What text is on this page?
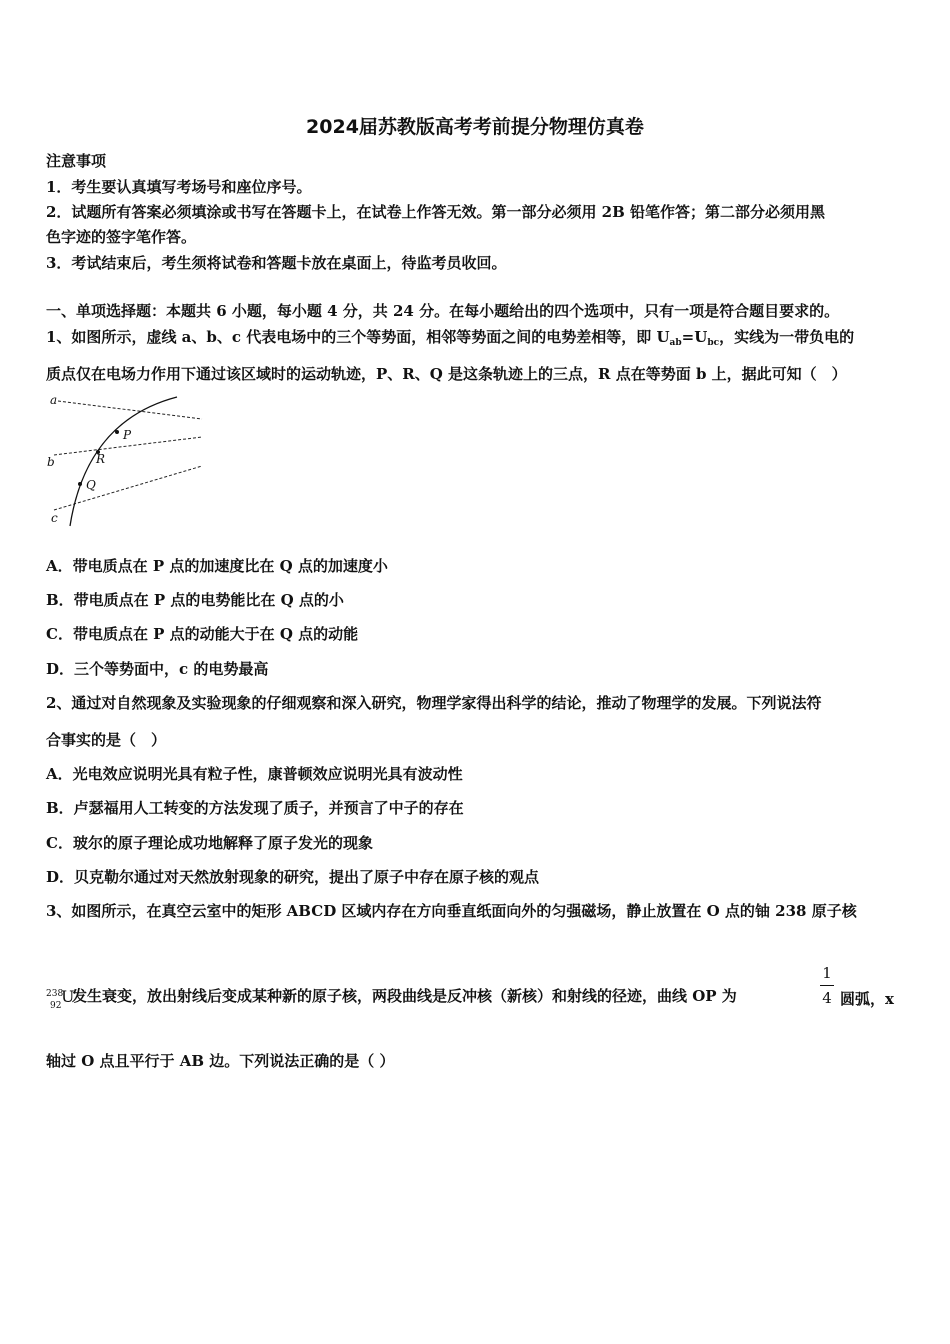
2024届苏教版高考考前提分物理仿真卷
注意事项
1．考生要认真填写考场号和座位序号。
2．试题所有答案必须填涂或书写在答题卡上，在试卷上作答无效。第一部分必须用 2B 铅笔作答；第二部分必须用黑
色字迹的签字笔作答。
3．考试结束后，考生须将试卷和答题卡放在桌面上，待监考员收回。
一、单项选择题：本题共 6 小题，每小题 4 分，共 24 分。在每小题给出的四个选项中，只有一项是符合题目要求的。
1、如图所示，虚线 a、b、c 代表电场中的三个等势面，相邻等势面之间的电势差相等，即 $U_{ab}=U_{bc}$，实线为一带负电的
质点仅在电场力作用下通过该区域时的运动轨迹，P、R、Q 是这条轨迹上的三点，R 点在等势面 b 上，据此可知（　）
a
b
c
P
R
Q
A．带电质点在 P 点的加速度比在 Q 点的加速度小
B．带电质点在 P 点的电势能比在 Q 点的小
C．带电质点在 P 点的动能大于在 Q 点的动能
D．三个等势面中，c 的电势最高
2、通过对自然现象及实验现象的仔细观察和深入研究，物理学家得出科学的结论，推动了物理学的发展。下列说法符
合事实的是（　）
A．光电效应说明光具有粒子性，康普顿效应说明光具有波动性
B．卢瑟福用人工转变的方法发现了质子，并预言了中子的存在
C．玻尔的原子理论成功地解释了原子发光的现象
D．贝克勒尔通过对天然放射现象的研究，提出了原子中存在原子核的观点
3、如图所示，在真空云室中的矩形 ABCD 区域内存在方向垂直纸面向外的匀强磁场，静止放置在 O 点的铀 238 原子核
238
92 U
发生衰变，放出射线后变成某种新的原子核，两段曲线是反冲核（新核）和射线的径迹，曲线 OP 为
1
4 圆弧，x
轴过 O 点且平行于 AB 边。下列说法正确的是（ ）
